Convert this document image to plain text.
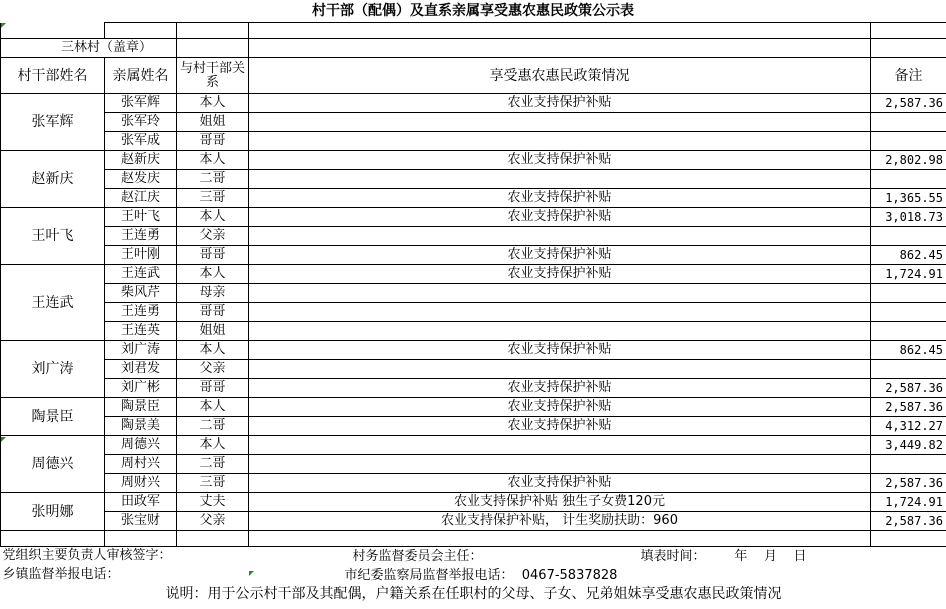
村干部（配偶）及直系亲属享受惠农惠民政策公示表

三林村（盖章）				
村干部姓名	亲属姓名	与村干部关系	享受惠农惠民政策情况	备注
张军辉	张军辉	本人	农业支持保护补贴	2,587.36
	张军玲	姐姐		
	张军成	哥哥		
赵新庆	赵新庆	本人	农业支持保护补贴	2,802.98
	赵发庆	二哥		
	赵江庆	三哥	农业支持保护补贴	1,365.55
王叶飞	王叶飞	本人	农业支持保护补贴	3,018.73
	王连勇	父亲		
	王叶刚	哥哥	农业支持保护补贴	862.45
王连武	王连武	本人	农业支持保护补贴	1,724.91
	柴风芹	母亲		
	王连勇	哥哥		
	王连英	姐姐		
刘广涛	刘广涛	本人	农业支持保护补贴	862.45
	刘君发	父亲		
	刘广彬	哥哥	农业支持保护补贴	2,587.36
陶景臣	陶景臣	本人	农业支持保护补贴	2,587.36
	陶景美	二哥	农业支持保护补贴	4,312.27
周德兴	周德兴	本人		3,449.82
	周村兴	二哥		
	周财兴	三哥	农业支持保护补贴	2,587.36
张明娜	田政军	丈夫	农业支持保护补贴 独生子女费120元	1,724.91
	张宝财	父亲	农业支持保护补贴， 计生奖励扶助：960	2,587.36

党组织主要负责人审核签字：			村务监督委员会主任： 填表时间：       年    月    日	

乡镇监督举报电话：			市纪委监察局监督举报电话：  0467-5837828	

说明：用于公示村干部及其配偶，户籍关系在任职村的父母、子女、兄弟姐妹享受惠农惠民政策情况				
